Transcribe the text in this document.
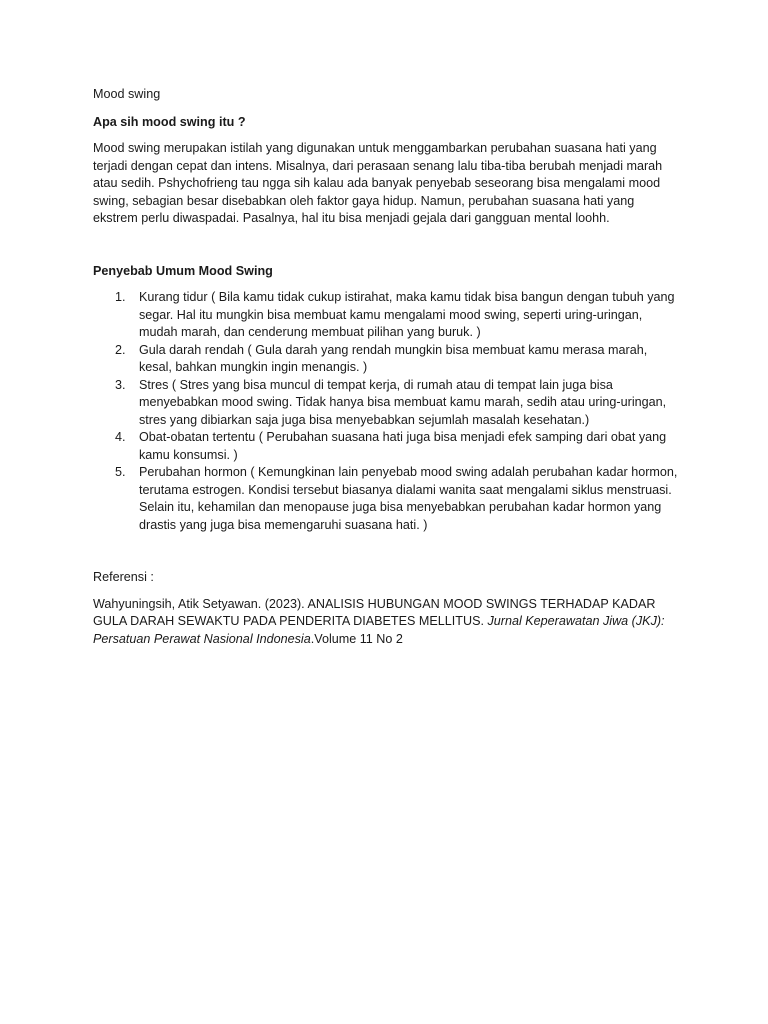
Mood swing

Apa sih mood swing itu ?

Mood swing merupakan istilah yang digunakan untuk menggambarkan perubahan suasana hati yang terjadi dengan cepat dan intens. Misalnya, dari perasaan senang lalu tiba-tiba berubah menjadi marah atau sedih. Pshychofrieng tau ngga sih kalau ada banyak penyebab seseorang bisa mengalami mood swing, sebagian besar disebabkan oleh faktor gaya hidup. Namun, perubahan suasana hati yang ekstrem perlu diwaspadai. Pasalnya, hal itu bisa menjadi gejala dari gangguan mental loohh.

Penyebab Umum Mood Swing

1. Kurang tidur ( Bila kamu tidak cukup istirahat, maka kamu tidak bisa bangun dengan tubuh yang segar. Hal itu mungkin bisa membuat kamu mengalami mood swing, seperti uring-uringan, mudah marah, dan cenderung membuat pilihan yang buruk. )
2. Gula darah rendah ( Gula darah yang rendah mungkin bisa membuat kamu merasa marah, kesal, bahkan mungkin ingin menangis. )
3. Stres ( Stres yang bisa muncul di tempat kerja, di rumah atau di tempat lain juga bisa menyebabkan mood swing. Tidak hanya bisa membuat kamu marah, sedih atau uring-uringan, stres yang dibiarkan saja juga bisa menyebabkan sejumlah masalah kesehatan.)
4. Obat-obatan tertentu ( Perubahan suasana hati juga bisa menjadi efek samping dari obat yang kamu konsumsi. )
5. Perubahan hormon ( Kemungkinan lain penyebab mood swing adalah perubahan kadar hormon, terutama estrogen. Kondisi tersebut biasanya dialami wanita saat mengalami siklus menstruasi. Selain itu, kehamilan dan menopause juga bisa menyebabkan perubahan kadar hormon yang drastis yang juga bisa memengaruhi suasana hati. )

Referensi :

Wahyuningsih, Atik Setyawan. (2023). ANALISIS HUBUNGAN MOOD SWINGS TERHADAP KADAR GULA DARAH SEWAKTU PADA PENDERITA DIABETES MELLITUS. Jurnal Keperawatan Jiwa (JKJ): Persatuan Perawat Nasional Indonesia.Volume 11 No 2
